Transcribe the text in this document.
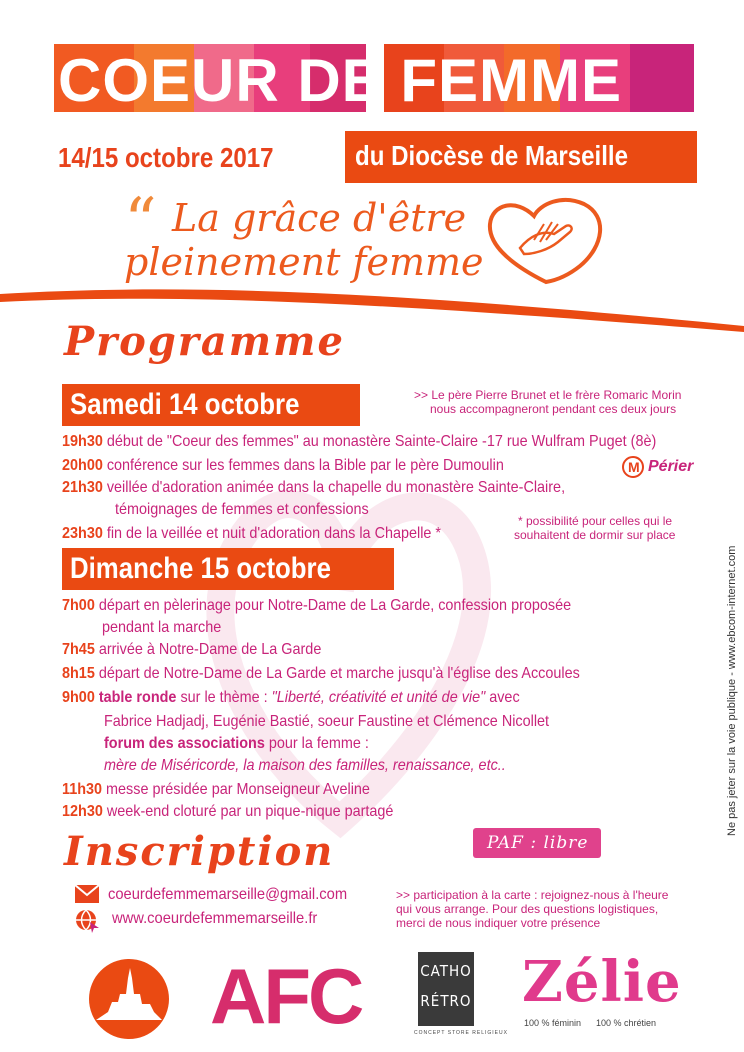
COEUR DE FEMME
14/15 octobre 2017	du Diocèse de Marseille
“ La grâce d'être
pleinement femme
Programme
Samedi 14 octobre	>> Le père Pierre Brunet et le frère Romaric Morin
nous accompagneront pendant ces deux jours
19h30 début de "Coeur des femmes" au monastère Sainte-Claire -17 rue Wulfram Puget (8è)
20h00 conférence sur les femmes dans la Bible par le père Dumoulin	M Périer
21h30 veillée d'adoration animée dans la chapelle du monastère Sainte-Claire,
témoignages de femmes et confessions
23h30 fin de la veillée et nuit d'adoration dans la Chapelle *
* possibilité pour celles qui le
souhaitent de dormir sur place
Dimanche 15 octobre
7h00 départ en pèlerinage pour Notre-Dame de La Garde, confession proposée
pendant la marche
7h45 arrivée à Notre-Dame de La Garde
8h15 départ de Notre-Dame de La Garde et marche jusqu'à l'église des Accoules
9h00 table ronde sur le thème : "Liberté, créativité et unité de vie" avec
Fabrice Hadjadj, Eugénie Bastié, soeur Faustine et Clémence Nicollet
forum des associations pour la femme :
mère de Miséricorde, la maison des familles, renaissance, etc..
11h30 messe présidée par Monseigneur Aveline
12h30 week-end cloturé par un pique-nique partagé
Inscription	PAF : libre
coeurdefemmemarseille@gmail.com
www.coeurdefemmemarseille.fr
>> participation à la carte : rejoignez-nous à l'heure
qui vous arrange. Pour des questions logistiques,
merci de nous indiquer votre présence
Ne pas jeter sur la voie publique - www.ebcom-internet.com
AFC	CATHO
RÉTRO
CONCEPT STORE RELIGIEUX
Zélie
100 % féminin 100 % chrétien
